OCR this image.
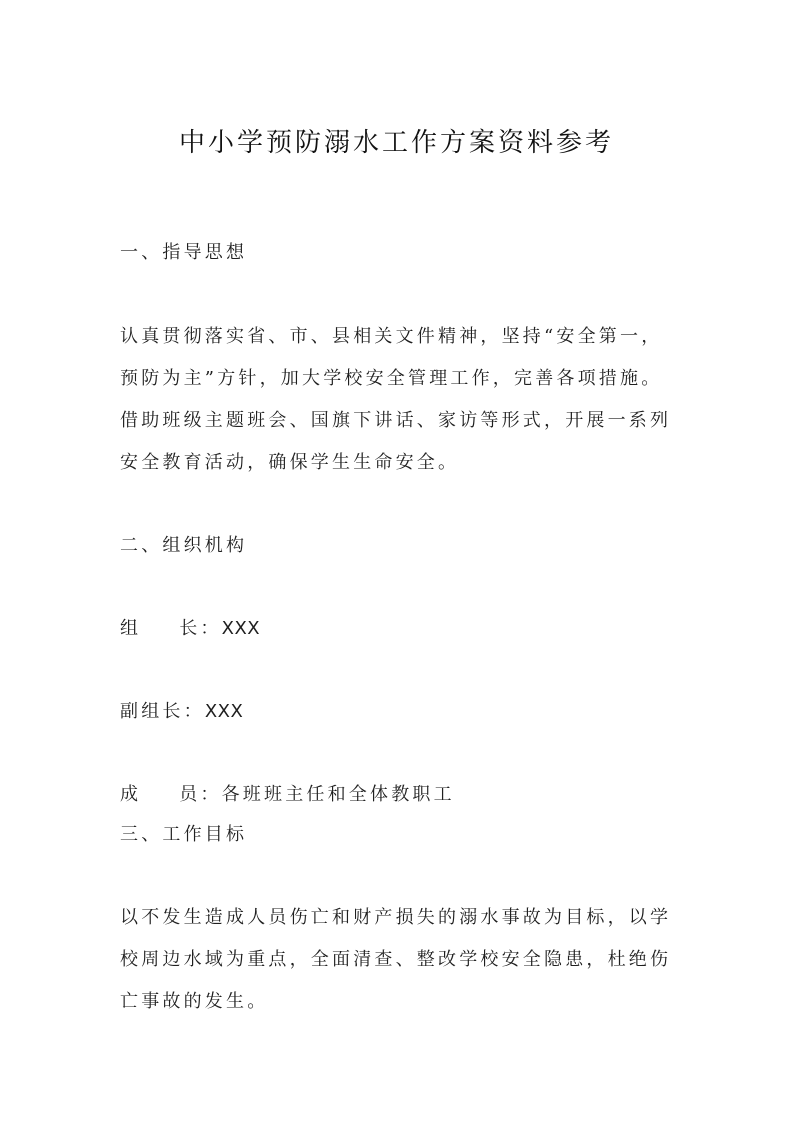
中小学预防溺水工作方案资料参考
一、指导思想
认真贯彻落实省、市、县相关文件精神，坚持“安全第一，
预防为主”方针，加大学校安全管理工作，完善各项措施。
借助班级主题班会、国旗下讲话、家访等形式，开展一系列
安全教育活动，确保学生生命安全。
二、组织机构
组 长：XXX
副组长：XXX
成 员：各班班主任和全体教职工
三、工作目标
以不发生造成人员伤亡和财产损失的溺水事故为目标，以学
校周边水域为重点，全面清查、整改学校安全隐患，杜绝伤
亡事故的发生。
